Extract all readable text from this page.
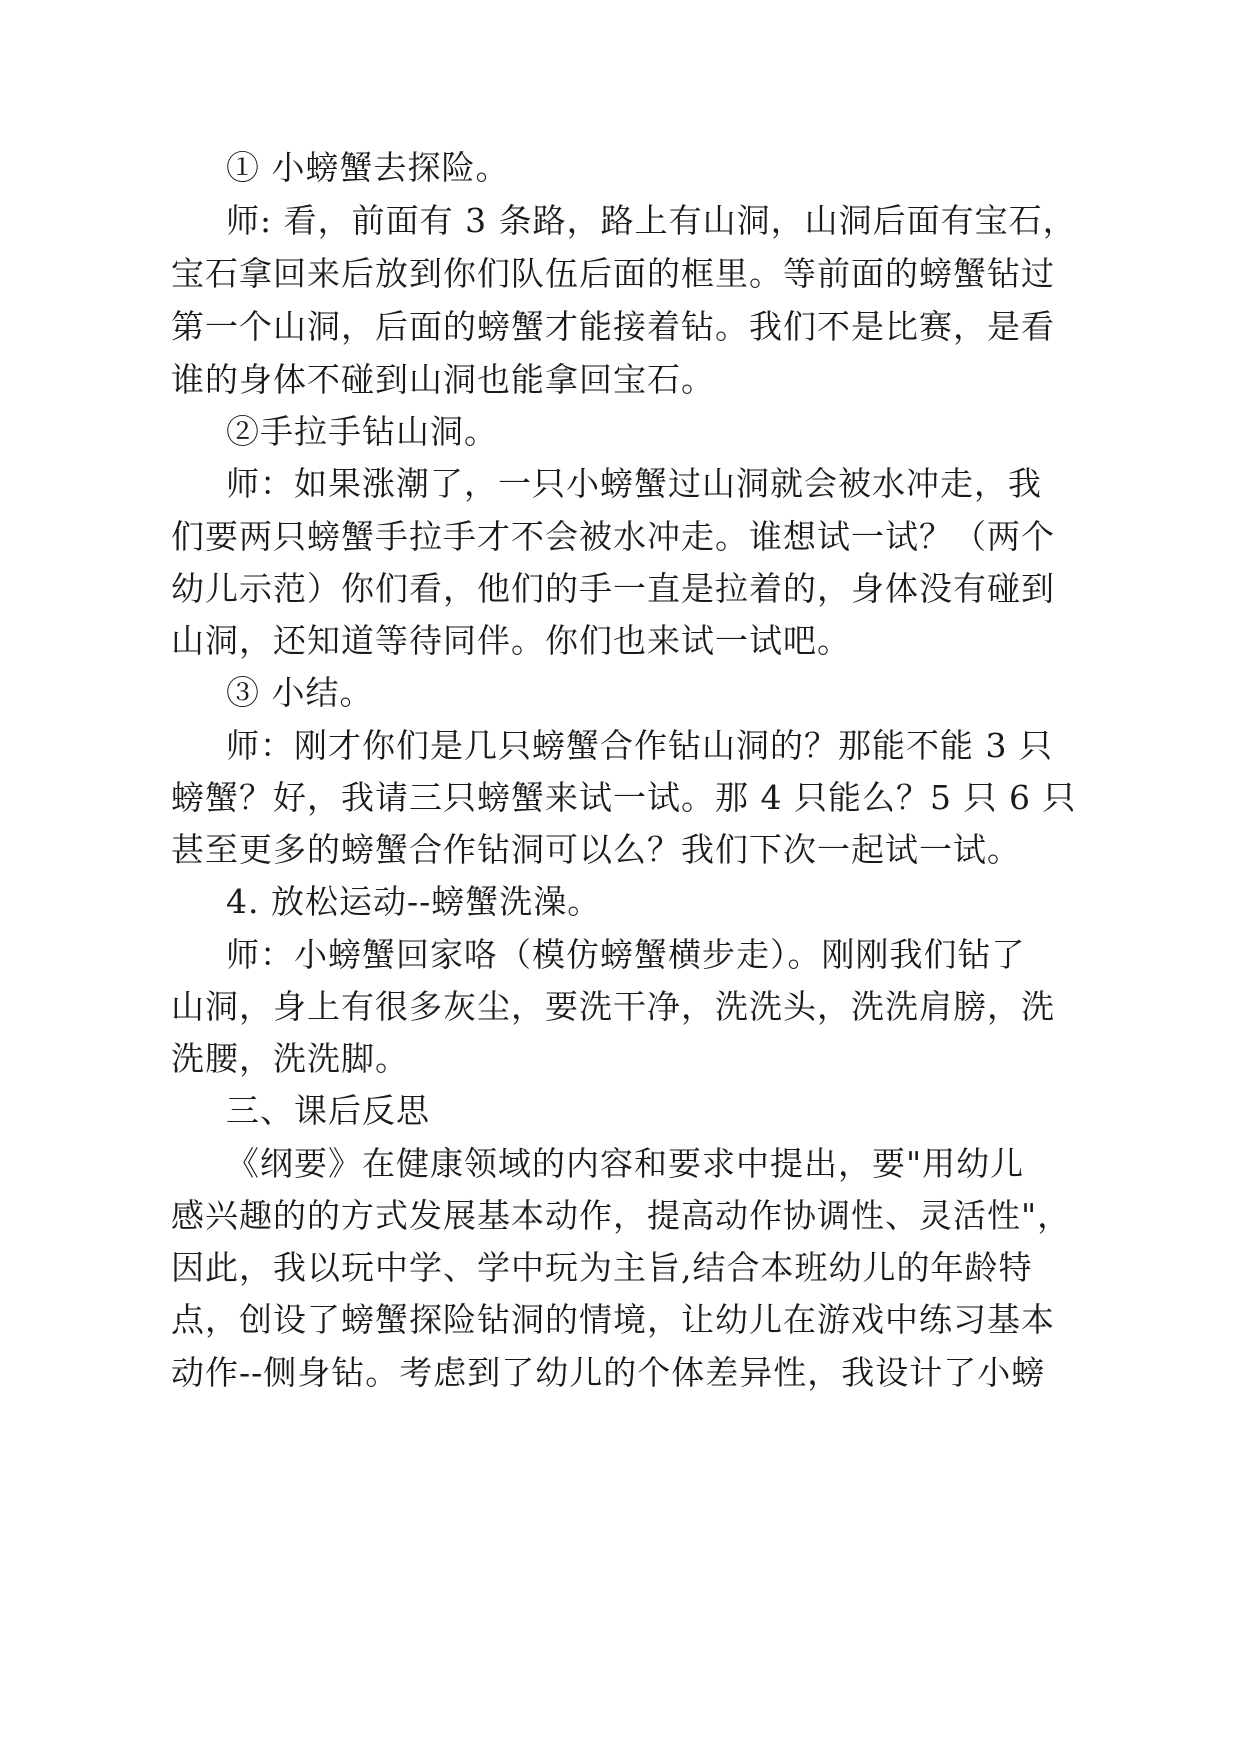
① 小螃蟹去探险。

师: 看，前面有 3 条路，路上有山洞，山洞后面有宝石，

宝石拿回来后放到你们队伍后面的框里。等前面的螃蟹钻过

第一个山洞，后面的螃蟹才能接着钻。我们不是比赛，是看

谁的身体不碰到山洞也能拿回宝石。

②手拉手钻山洞。

师：如果涨潮了，一只小螃蟹过山洞就会被水冲走，我

们要两只螃蟹手拉手才不会被水冲走。谁想试一试？（两个

幼儿示范）你们看，他们的手一直是拉着的，身体没有碰到

山洞，还知道等待同伴。你们也来试一试吧。

③ 小结。

师：刚才你们是几只螃蟹合作钻山洞的？那能不能 3 只

螃蟹？好，我请三只螃蟹来试一试。那 4 只能么？5 只 6 只

甚至更多的螃蟹合作钻洞可以么？我们下次一起试一试。

4. 放松运动--螃蟹洗澡。

师：小螃蟹回家咯（模仿螃蟹横步走）。刚刚我们钻了

山洞，身上有很多灰尘，要洗干净，洗洗头，洗洗肩膀，洗

洗腰，洗洗脚。

三、课后反思

《纲要》在健康领域的内容和要求中提出，要"用幼儿

感兴趣的的方式发展基本动作，提高动作协调性、灵活性"，

因此，我以玩中学、学中玩为主旨,结合本班幼儿的年龄特

点，创设了螃蟹探险钻洞的情境，让幼儿在游戏中练习基本

动作--侧身钻。考虑到了幼儿的个体差异性，我设计了小螃
